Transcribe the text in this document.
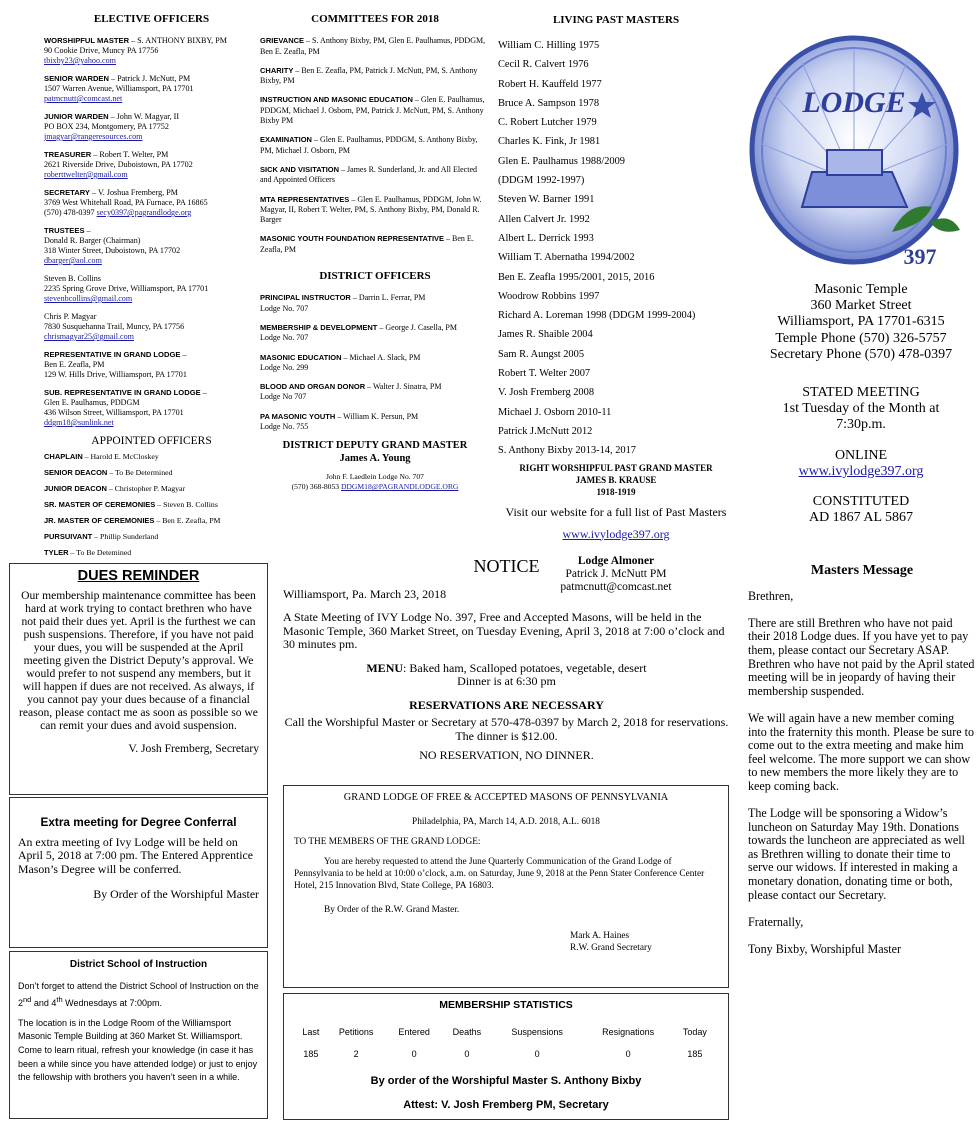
ELECTIVE OFFICERS
WORSHIPFUL MASTER – S. ANTHONY BIXBY, PM
90 Cookie Drive, Muncy PA 17756
tbixby23@yahoo.com
SENIOR WARDEN – Patrick J. McNutt, PM
1507 Warren Avenue, Williamsport, PA 17701
patmcnutt@comcast.net
JUNIOR WARDEN – John W. Magyar, II
PO BOX 234, Montgomery, PA 17752
jmagyar@rangeresources.com
TREASURER – Robert T. Welter, PM
2621 Riverside Drive, Duboistown, PA 17702
roberttwelter@gmail.com
SECRETARY – V. Joshua Fremberg, PM
3769 West Whitehall Road, PA Furnace, PA 16865
(570) 478-0397 secy0397@pagrandlodge.org
TRUSTEES –
Donald R. Barger (Chairman)
318 Winter Street, Duboistown, PA 17702
dbarger@aol.com
Steven B. Collins
2235 Spring Grove Drive, Williamsport, PA 17701
stevenbcollins@gmail.com
Chris P. Magyar
7830 Susquehanna Trail, Muncy, PA 17756
chrismagyar25@gmail.com
REPRESENTATIVE IN GRAND LODGE –
Ben E. Zeafla, PM
129 W. Hills Drive, Williamsport, PA 17701
SUB. REPRESENTATIVE IN GRAND LODGE –
Glen E. Paulhamus, PDDGM
436 Wilson Street, Williamsport, PA 17701
ddgm18@sunlink.net
APPOINTED OFFICERS
CHAPLAIN – Harold E. McCloskey
SENIOR DEACON – To Be Determined
JUNIOR DEACON – Christopher P. Magyar
SR. MASTER OF CEREMONIES – Steven B. Collins
JR. MASTER OF CEREMONIES – Ben E. Zeafla, PM
PURSUIVANT – Phillip Sunderland
TYLER – To Be Detemined
COMMITTEES FOR 2018
GRIEVANCE – S. Anthony Bixby, PM, Glen E. Paulhamus, PDDGM, Ben E. Zeafla, PM
CHARITY – Ben E. Zeafla, PM, Patrick J. McNutt, PM, S. Anthony Bixby, PM
INSTRUCTION AND MASONIC EDUCATION – Glen E. Paulhamus, PDDGM, Michael J. Osborn, PM, Patrick J. McNutt, PM, S. Anthony Bixby PM
EXAMINATION – Glen E. Paulhamus, PDDGM, S. Anthony Bixby, PM, Michael J. Osborn, PM
SICK AND VISITATION – James R. Sunderland, Jr. and All Elected and Appointed Officers
MTA REPRESENTATIVES – Glen E. Paulhamus, PDDGM, John W. Magyar, II, Robert T. Welter, PM, S. Anthony Bixby, PM, Donald R. Barger
MASONIC YOUTH FOUNDATION REPRESENTATIVE – Ben E. Zeafla, PM
DISTRICT OFFICERS
PRINCIPAL INSTRUCTOR – Darrin L. Ferrar, PM
Lodge No. 707
MEMBERSHIP & DEVELOPMENT – George J. Casella, PM
Lodge No. 707
MASONIC EDUCATION – Michael A. Slack, PM
Lodge No. 299
BLOOD AND ORGAN DONOR – Walter J. Sinatra, PM
Lodge No 707
PA MASONIC YOUTH – William K. Persun, PM
Lodge No. 755
DISTRICT DEPUTY GRAND MASTER
James A. Young
John F. Laedlein Lodge No. 707
(570) 368-8053 DDGM18@PAGRANDLODGE.ORG
LIVING PAST MASTERS
William C. Hilling 1975
Cecil R. Calvert 1976
Robert H. Kauffeld 1977
Bruce A. Sampson 1978
C. Robert Lutcher 1979
Charles K. Fink, Jr 1981
Glen E. Paulhamus 1988/2009
(DDGM 1992-1997)
Steven W. Barner 1991
Allen Calvert Jr. 1992
Albert L. Derrick 1993
William T. Abernatha 1994/2002
Ben E. Zeafla 1995/2001, 2015, 2016
Woodrow Robbins 1997
Richard A. Loreman 1998 (DDGM 1999-2004)
James R. Shaible 2004
Sam R. Aungst 2005
Robert T. Welter 2007
V. Josh Fremberg 2008
Michael J. Osborn 2010-11
Patrick J.McNutt 2012
S. Anthony Bixby 2013-14, 2017
RIGHT WORSHIPFUL PAST GRAND MASTER
JAMES B. KRAUSE
1918-1919
Visit our website for a full list of Past Masters
www.ivylodge397.org
Lodge Almoner
Patrick J. McNutt PM
patmcnutt@comcast.net
LODGE
397
Masonic Temple
360 Market Street
Williamsport, PA 17701-6315
Temple Phone (570) 326-5757
Secretary Phone (570) 478-0397
STATED MEETING
1st Tuesday of the Month at
7:30p.m.
ONLINE
www.ivylodge397.org
CONSTITUTED
AD 1867 AL 5867
DUES REMINDER

Our membership maintenance committee has been hard at work trying to contact brethren who have not paid their dues yet. April is the furthest we can push suspensions. Therefore, if you have not paid your dues, you will be suspended at the April meeting given the District Deputy’s approval. We would prefer to not suspend any members, but it will happen if dues are not received. As always, if you cannot pay your dues because of a financial reason, please contact me as soon as possible so we can remit your dues and avoid suspension.

V. Josh Fremberg, Secretary
Extra meeting for Degree Conferral
An extra meeting of Ivy Lodge will be held on April 5, 2018 at 7:00 pm. The Entered Apprentice Mason’s Degree will be conferred.
By Order of the Worshipful Master
District School of Instruction

Don’t forget to attend the District School of Instruction on the 2nd and 4th Wednesdays at 7:00pm.

The location is in the Lodge Room of the Williamsport Masonic Temple Building at 360 Market St. Williamsport. Come to learn ritual, refresh your knowledge (in case it has been a while since you have attended lodge) or just to enjoy the fellowship with brothers you haven’t seen in a while.

NOTICE

Williamsport, Pa. March 23, 2018

A State Meeting of IVY Lodge No. 397, Free and Accepted Masons, will be held in the Masonic Temple, 360 Market Street, on Tuesday Evening, April 3, 2018 at 7:00 o’clock and 30 minutes pm.

MENU: Baked ham, Scalloped potatoes, vegetable, desert
Dinner is at 6:30 pm
RESERVATIONS ARE NECESSARY
Call the Worshipful Master or Secretary at 570-478-0397 by March 2, 2018 for reservations. The dinner is $12.00.
NO RESERVATION, NO DINNER.

GRAND LODGE OF FREE & ACCEPTED MASONS OF PENNSYLVANIA

Philadelphia, PA, March 14, A.D. 2018, A.L. 6018

TO THE MEMBERS OF THE GRAND LODGE:

You are hereby requested to attend the June Quarterly Communication of the Grand Lodge of Pennsylvania to be held at 10:00 o’clock, a.m. on Saturday, June 9, 2018 at the Penn Stater Conference Center Hotel, 215 Innovation Blvd, State College, PA 16803.

By Order of the R.W. Grand Master.

Mark A. Haines
R.W. Grand Secretary
MEMBERSHIP STATISTICS
Last	Petitions	Entered	Deaths	Suspensions	Resignations	Today
185	2	0	0	0	0	185
By order of the Worshipful Master S. Anthony Bixby
Attest: V. Josh Fremberg PM, Secretary
Masters Message

Brethren,

There are still Brethren who have not paid their 2018 Lodge dues. If you have yet to pay them, please contact our Secretary ASAP. Brethren who have not paid by the April stated meeting will be in jeopardy of having their membership suspended.

We will again have a new member coming into the fraternity this month. Please be sure to come out to the extra meeting and make him feel welcome. The more support we can show to new members the more likely they are to keep coming back.

The Lodge will be sponsoring a Widow’s luncheon on Saturday May 19th. Donations towards the luncheon are appreciated as well as Brethren willing to donate their time to serve our widows. If interested in making a monetary donation, donating time or both, please contact our Secretary.

Fraternally,

Tony Bixby, Worshipful Master
